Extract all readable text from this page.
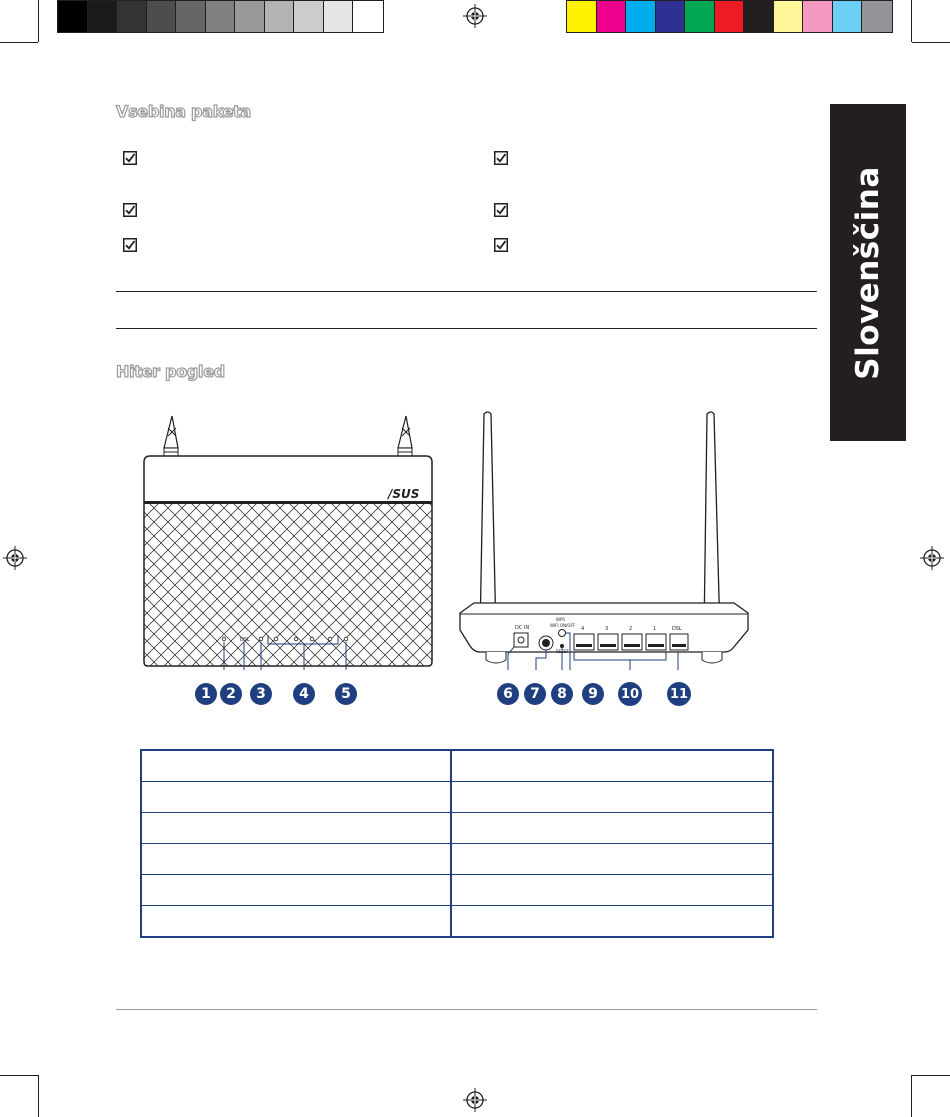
Slovenščina
Vsebina paketa
Hiter pogled
/SUS
DSL
DC IN
WPS
WIFI ON/OFF
RESET
4	3	2	1	DSL
1	2	3	4	5	6	7	8	9	10 11
